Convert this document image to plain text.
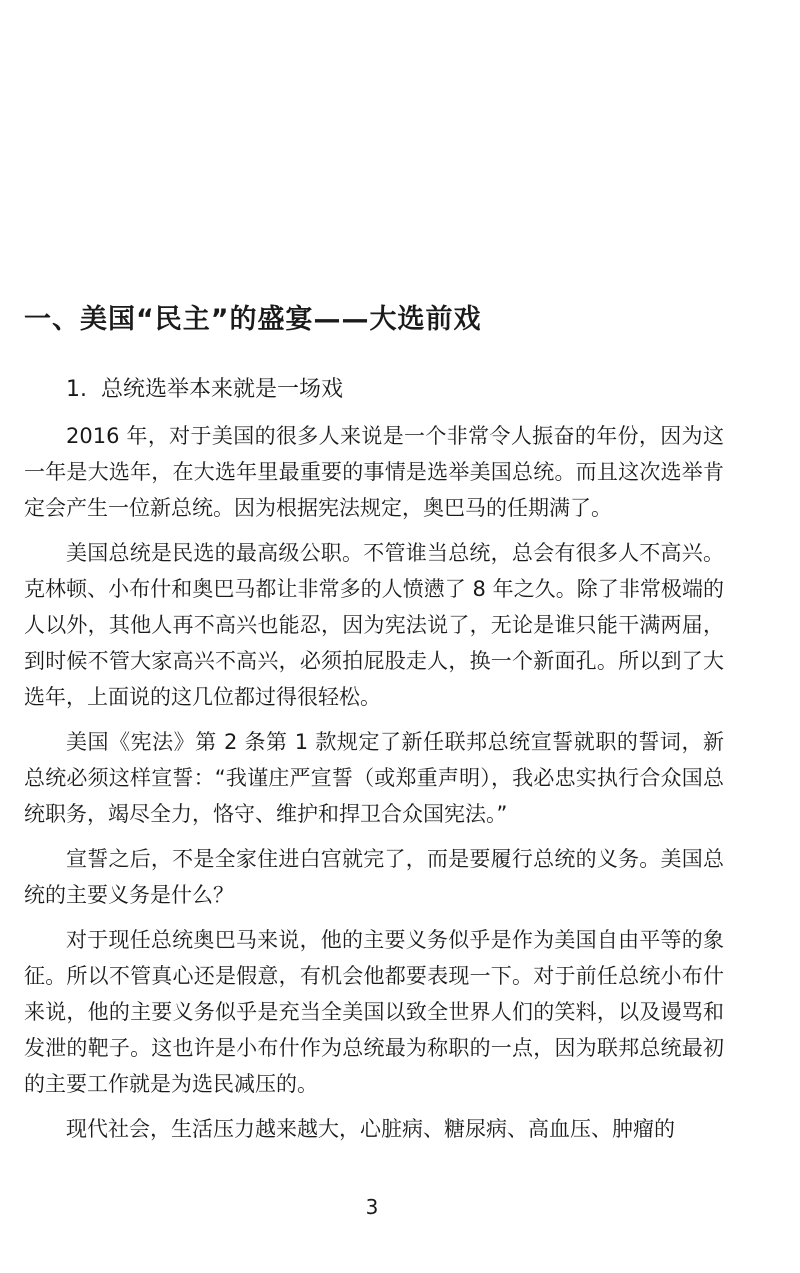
一、美国“民主”的盛宴——大选前戏
1. 总统选举本来就是一场戏

2016 年，对于美国的很多人来说是一个非常令人振奋的年份，因为这一年是大选年，在大选年里最重要的事情是选举美国总统。而且这次选举肯定会产生一位新总统。因为根据宪法规定，奥巴马的任期满了。

美国总统是民选的最高级公职。不管谁当总统，总会有很多人不高兴。克林顿、小布什和奥巴马都让非常多的人愤懑了 8 年之久。除了非常极端的人以外，其他人再不高兴也能忍，因为宪法说了，无论是谁只能干满两届，到时候不管大家高兴不高兴，必须拍屁股走人，换一个新面孔。所以到了大选年，上面说的这几位都过得很轻松。

美国《宪法》第 2 条第 1 款规定了新任联邦总统宣誓就职的誓词，新总统必须这样宣誓：“我谨庄严宣誓（或郑重声明），我必忠实执行合众国总统职务，竭尽全力，恪守、维护和捍卫合众国宪法。”

宣誓之后，不是全家住进白宫就完了，而是要履行总统的义务。美国总统的主要义务是什么？

对于现任总统奥巴马来说，他的主要义务似乎是作为美国自由平等的象征。所以不管真心还是假意，有机会他都要表现一下。对于前任总统小布什来说，他的主要义务似乎是充当全美国以致全世界人们的笑料，以及谩骂和发泄的靶子。这也许是小布什作为总统最为称职的一点，因为联邦总统最初的主要工作就是为选民减压的。

现代社会，生活压力越来越大，心脏病、糖尿病、高血压、肿瘤的

3
